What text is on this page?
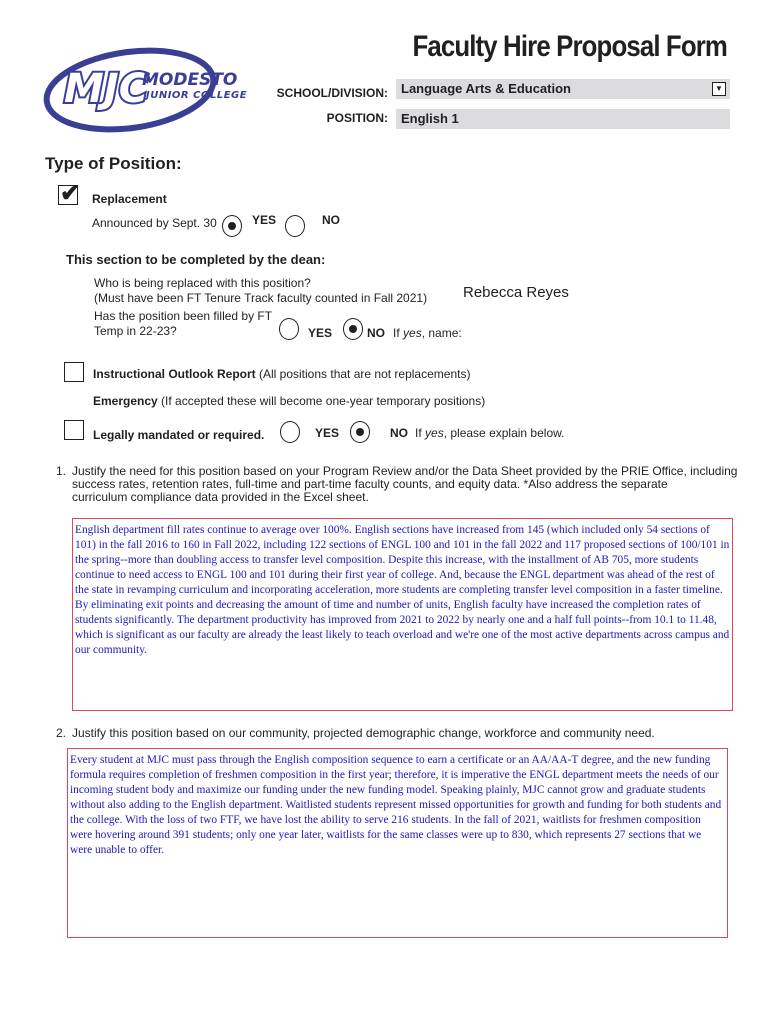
MJC
MODESTO
JUNIOR COLLEGE
Faculty Hire Proposal Form
SCHOOL/DIVISION:	Language Arts & Education	▼
POSITION:	English 1
Type of Position:
✔ Replacement
Announced by Sept. 30	YES	NO
This section to be completed by the dean:
Who is being replaced with this position?
(Must have been FT Tenure Track faculty counted in Fall 2021) Rebecca Reyes
Has the position been filled by FT
Temp in 22-23?	YES	NO If yes, name:
Instructional Outlook Report (All positions that are not replacements)
Emergency (If accepted these will become one-year temporary positions)
Legally mandated or required.	YES	NO If yes, please explain below.
1. Justify the need for this position based on your Program Review and/or the Data Sheet provided by the PRIE Office, including
success rates, retention rates, full-time and part-time faculty counts, and equity data. *Also address the separate
curriculum compliance data provided in the Excel sheet.
English department fill rates continue to average over 100%. English sections have increased from 145 (which included only 54 sections of 101) in the fall 2016 to 160 in Fall 2022, including 122 sections of ENGL 100 and 101 in the fall 2022 and 117 proposed sections of 100/101 in the spring--more than doubling access to transfer level composition. Despite this increase, with the installment of AB 705, more students continue to need access to ENGL 100 and 101 during their first year of college. And, because the ENGL department was ahead of the rest of the state in revamping curriculum and incorporating acceleration, more students are completing transfer level composition in a faster timeline. By eliminating exit points and decreasing the amount of time and number of units, English faculty have increased the completion rates of students significantly. The department productivity has improved from 2021 to 2022 by nearly one and a half full points--from 10.1 to 11.48, which is significant as our faculty are already the least likely to teach overload and we're one of the most active departments across campus and our community.
2. Justify this position based on our community, projected demographic change, workforce and community need.
Every student at MJC must pass through the English composition sequence to earn a certificate or an AA/AA-T degree, and the new funding formula requires completion of freshmen composition in the first year; therefore, it is imperative the ENGL department meets the needs of our incoming student body and maximize our funding under the new funding model. Speaking plainly, MJC cannot grow and graduate students without also adding to the English department. Waitlisted students represent missed opportunities for growth and funding for both students and the college. With the loss of two FTF, we have lost the ability to serve 216 students. In the fall of 2021, waitlists for freshmen composition were hovering around 391 students; only one year later, waitlists for the same classes were up to 830, which represents 27 sections that we were unable to offer.
